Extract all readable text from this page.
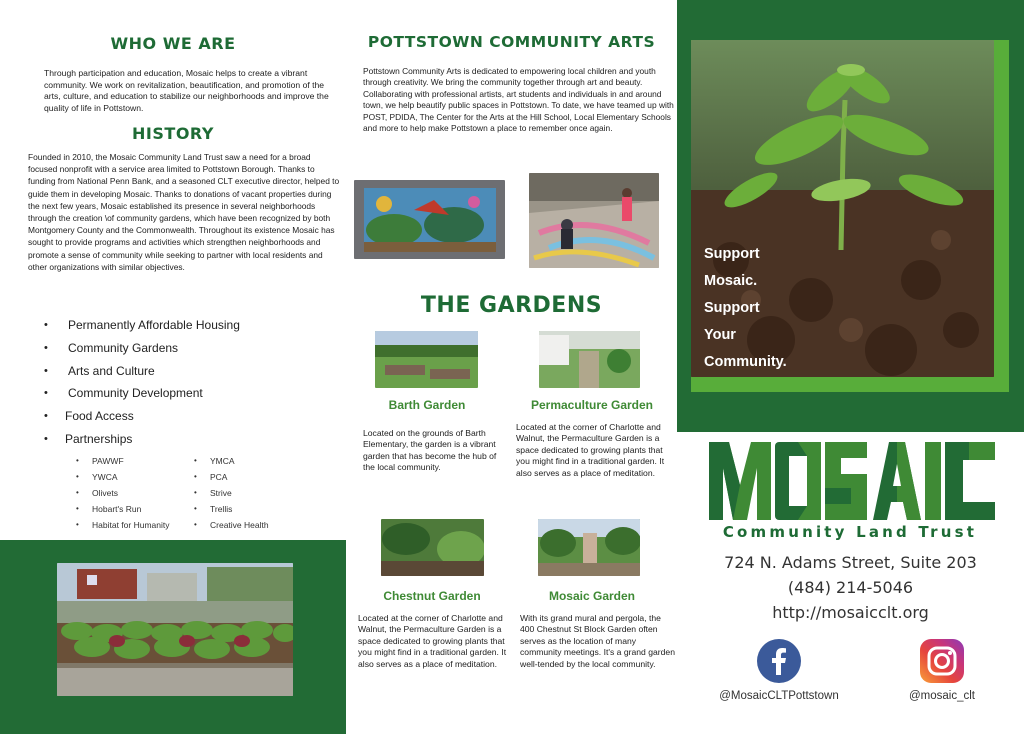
WHO WE ARE

Through participation and education, Mosaic helps to create a vibrant community. We work on revitalization, beautification, and promotion of the arts, culture, and education to stabilize our neighborhoods and improve the quality of life in Pottstown.

HISTORY

Founded in 2010, the Mosaic Community Land Trust saw a need for a broad focused nonprofit with a service area limited to Pottstown Borough. Thanks to funding from National Penn Bank, and a seasoned CLT executive director, helped to guide them in developing Mosaic. Thanks to donations of vacant properties during the next few years, Mosaic established its presence in several neighborhoods through the creation \of community gardens, which have been recognized by both Montgomery County and the Commonwealth. Throughout its existence Mosaic has sought to provide programs and activities which strengthen neighborhoods and promote a sense of community while seeking to partner with local residents and other organizations with similar objectives.

•	Permanently Affordable Housing
•	Community Gardens
•	Arts and Culture
•	Community Development
•	Food Access
•	Partnerships
•	PAWWF
•	YWCA
•	Olivets
•	Hobart's Run
•	Habitat for Humanity
•	YMCA
•	PCA
•	Strive
•	Trellis
•	Creative Health
POTTSTOWN COMMUNITY ARTS

Pottstown Community Arts is dedicated to empowering local children and youth through creativity. We bring the community together through art and beauty. Collaborating with professional artists, art students and individuals in and around town, we help beautify public spaces in Pottstown. To date, we have teamed up with POST, PDIDA, The Center for the Arts at the Hill School, Local Elementary Schools and more to help make Pottstown a place to remember once again.

THE GARDENS
Barth Garden

Located on the grounds of Barth Elementary, the garden is a vibrant garden that has become the hub of the local community.

Permaculture Garden

Located at the corner of Charlotte and Walnut, the Permaculture Garden is a space dedicated to growing plants that you might find in a traditional garden. It also serves as a place of meditation.

Chestnut Garden

Located at the corner of Charlotte and Walnut, the Permaculture Garden is a space dedicated to growing plants that you might find in a traditional garden. It also serves as a place of meditation.

Mosaic Garden

With its grand mural and pergola, the 400 Chestnut St Block Garden often serves as the location of many community meetings. It's a grand garden well-tended by the local community.

Support
Mosaic.
Support
Your
Community.
Community Land Trust
724 N. Adams Street, Suite 203
(484) 214-5046
http://mosaicclt.org
@MosaicCLTPottstown	@mosaic_clt
